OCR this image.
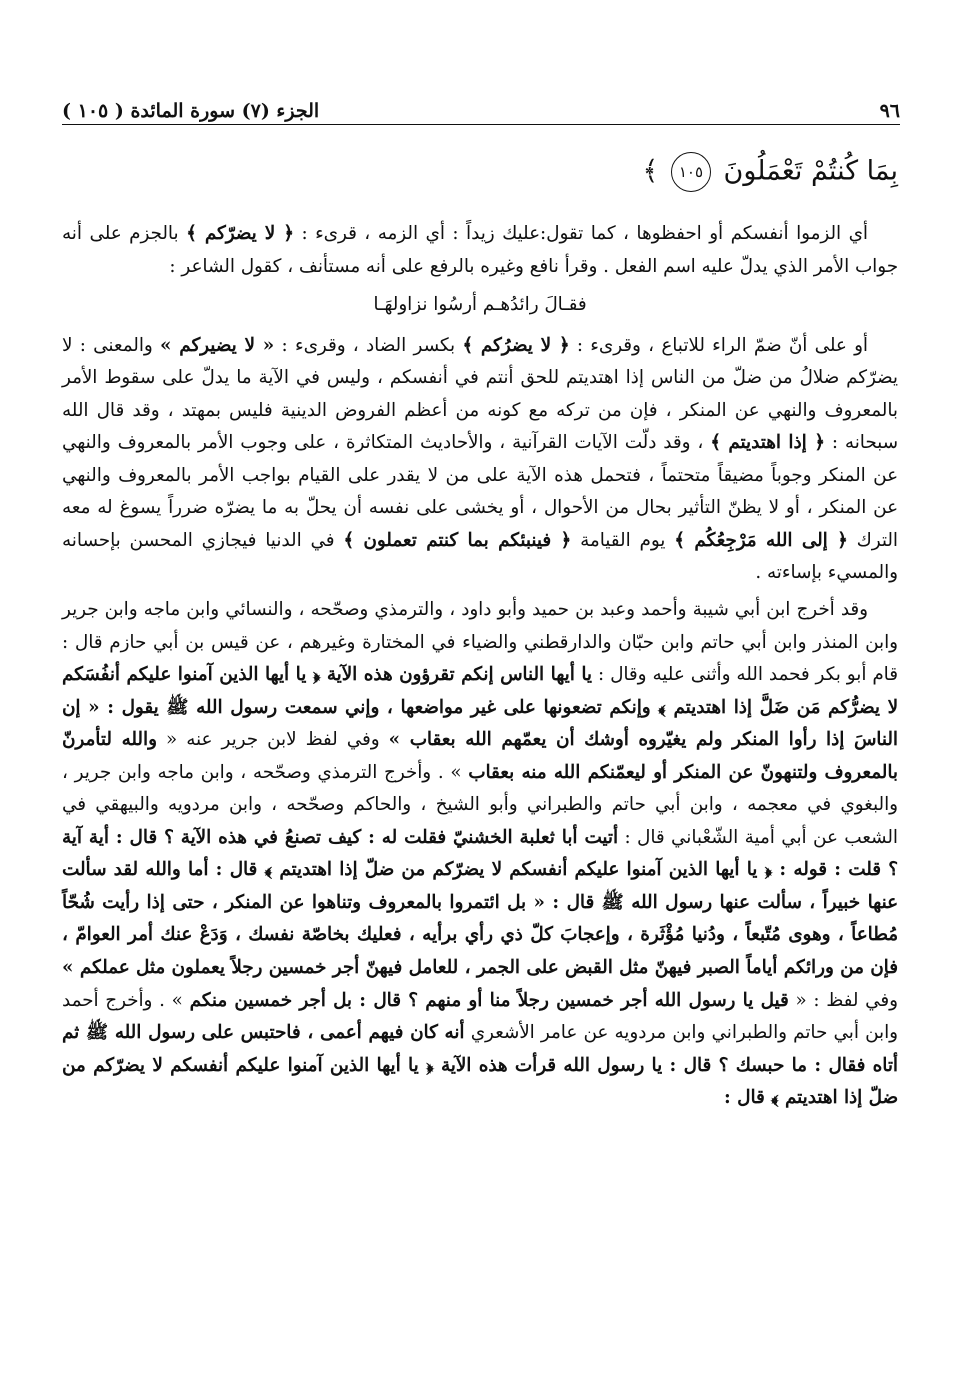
٩٦
الجزء (٧) سورة المائدة ( ١٠٥ )
بِمَا كُنتُمْ تَعْمَلُونَ
١٠٥
﴾

أي الزموا أنفسكم أو احفظوها ، كما تقول:عليك زيداً : أي الزمه ، قرىء : ﴿ لا يضرّكم ﴾ بالجزم على أنه جواب الأمر الذي يدلّ عليه اسم الفعل . وقرأ نافع وغيره بالرفع على أنه مستأنف ، كقول الشاعر :

فقـالَ رائدُهـم أرسُوا نزاولهَـا

أو على أنّ ضمّ الراء للاتباع ، وقرىء : ﴿ لا يضرُكم ﴾ بكسر الضاد ، وقرىء : « لا يضيركم » والمعنى : لا يضرّكم ضلالُ من ضلّ من الناس إذا اهتديتم للحق أنتم في أنفسكم ، وليس في الآية ما يدلّ على سقوط الأمر بالمعروف والنهي عن المنكر ، فإن من تركه مع كونه من أعظم الفروض الدينية فليس بمهتد ، وقد قال الله سبحانه : ﴿ إذا اهتديتم ﴾ ، وقد دلّت الآيات القرآنية ، والأحاديث المتكاثرة ، على وجوب الأمر بالمعروف والنهي عن المنكر وجوباً مضيقاً متحتماً ، فتحمل هذه الآية على من لا يقدر على القيام بواجب الأمر بالمعروف والنهي عن المنكر ، أو لا يظنّ التأثير بحال من الأحوال ، أو يخشى على نفسه أن يحلّ به ما يضرّه ضرراً يسوغ له معه الترك ﴿ إلى الله مَرْجِعُكُم ﴾ يوم القيامة ﴿ فينبئكم بما كنتم تعملون ﴾ في الدنيا فيجازي المحسن بإحسانه والمسيء بإساءته .

وقد أخرج ابن أبي شيبة وأحمد وعبد بن حميد وأبو داود ، والترمذي وصحّحه ، والنسائي وابن ماجه وابن جرير وابن المنذر وابن أبي حاتم وابن حبّان والدارقطني والضياء في المختارة وغيرهم ، عن قيس بن أبي حازم قال : قام أبو بكر فحمد الله وأثنى عليه وقال : يا أيها الناس إنكم تقرؤون هذه الآية ﴿ يا أيها الذين آمنوا عليكم أنفُسَكم لا يضرُّكم مَن ضَلَّ إذا اهتديتم ﴾ وإنكم تضعونها على غير مواضعها ، وإني سمعت رسول الله ﷺ يقول : « إن الناسَ إذا رأوا المنكر ولم يغيّروه أوشك أن يعمّهم الله بعقاب » وفي لفظ لابن جرير عنه « والله لتأمرنّ بالمعروف ولتنهونّ عن المنكر أو ليعمّنكم الله منه بعقاب » . وأخرج الترمذي وصحّحه ، وابن ماجه وابن جرير ، والبغوي في معجمه ، وابن أبي حاتم والطبراني وأبو الشيخ ، والحاكم وصحّحه ، وابن مردويه والبيهقي في الشعب عن أبي أمية الشّعْباني قال : أتيت أبا ثعلبة الخشنيّ فقلت له : كيف تصنعُ في هذه الآية ؟ قال : أية آية ؟ قلت : قوله : ﴿ يا أيها الذين آمنوا عليكم أنفسكم لا يضرّكم من ضلّ إذا اهتديتم ﴾ قال : أما والله لقد سألت عنها خبيراً ، سألت عنها رسول الله ﷺ قال : « بل ائتمروا بالمعروف وتناهوا عن المنكر ، حتى إذا رأيت شُحّاً مُطاعاً ، وهوى مُتّبعاً ، ودُنيا مُؤْثَرة ، وإعجابَ كلّ ذي رأي برأيه ، فعليك بخاصّة نفسك ، وَدَعْ عنك أمر العوامّ ، فإن من ورائكم أياماً الصبر فيهنّ مثل القبض على الجمر ، للعامل فيهنّ أجر خمسين رجلاً يعملون مثل عملكم » وفي لفظ : « قيل يا رسول الله أجر خمسين رجلاً منا أو منهم ؟ قال : بل أجر خمسين منكم » . وأخرج أحمد وابن أبي حاتم والطبراني وابن مردويه عن عامر الأشعري أنه كان فيهم أعمى ، فاحتبس على رسول الله ﷺ ثم أتاه فقال : ما حبسك ؟ قال : يا رسول الله قرأت هذه الآية ﴿ يا أيها الذين آمنوا عليكم أنفسكم لا يضرّكم من ضلّ إذا اهتديتم ﴾ قال :
